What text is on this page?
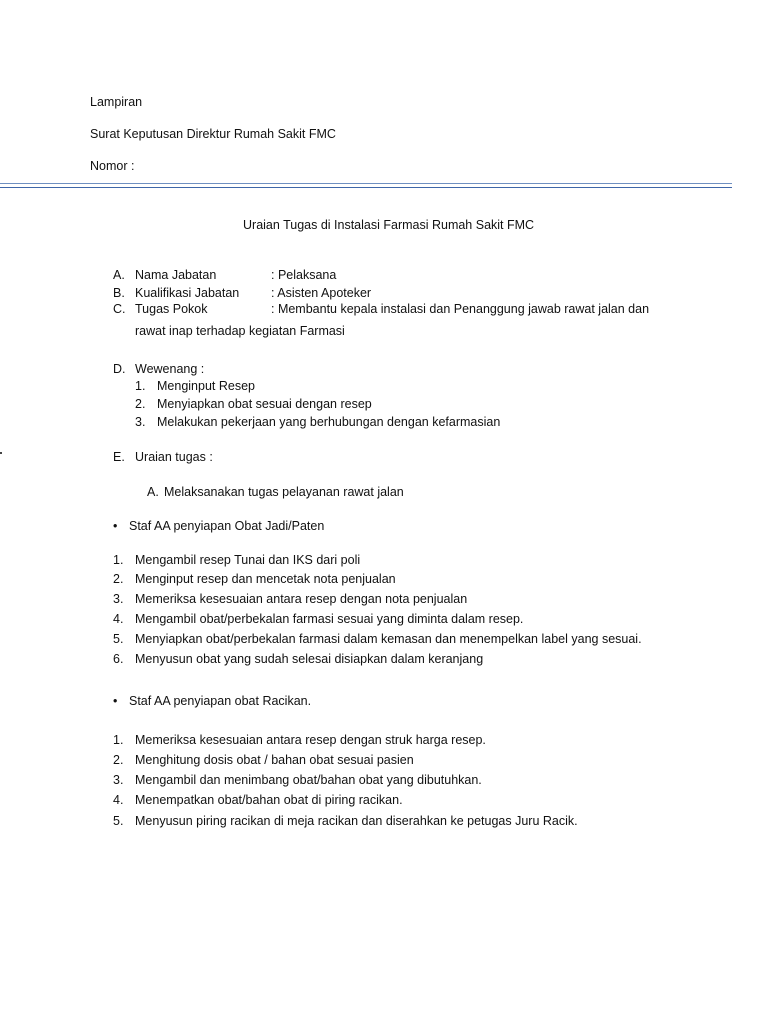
Lampiran
Surat Keputusan Direktur Rumah Sakit FMC
Nomor :
Uraian Tugas di Instalasi Farmasi Rumah Sakit FMC
A. Nama Jabatan	: Pelaksana
B. Kualifikasi Jabatan	: Asisten Apoteker
C. Tugas Pokok	: Membantu kepala instalasi dan Penanggung jawab rawat jalan dan
rawat inap terhadap kegiatan Farmasi
D. Wewenang :
1. Menginput Resep
2. Menyiapkan obat sesuai dengan resep
3. Melakukan pekerjaan yang berhubungan dengan kefarmasian
E. Uraian tugas :
A. Melaksanakan tugas pelayanan rawat jalan
• Staf AA penyiapan Obat Jadi/Paten
1. Mengambil resep Tunai dan IKS dari poli
2. Menginput resep dan mencetak nota penjualan
3. Memeriksa kesesuaian antara resep dengan nota penjualan
4. Mengambil obat/perbekalan farmasi sesuai yang diminta dalam resep.
5. Menyiapkan obat/perbekalan farmasi dalam kemasan dan menempelkan label yang sesuai.
6. Menyusun obat yang sudah selesai disiapkan dalam keranjang
• Staf AA penyiapan obat Racikan.
1. Memeriksa kesesuaian antara resep dengan struk harga resep.
2. Menghitung dosis obat / bahan obat sesuai pasien
3. Mengambil dan menimbang obat/bahan obat yang dibutuhkan.
4. Menempatkan obat/bahan obat di piring racikan.
5. Menyusun piring racikan di meja racikan dan diserahkan ke petugas Juru Racik.
